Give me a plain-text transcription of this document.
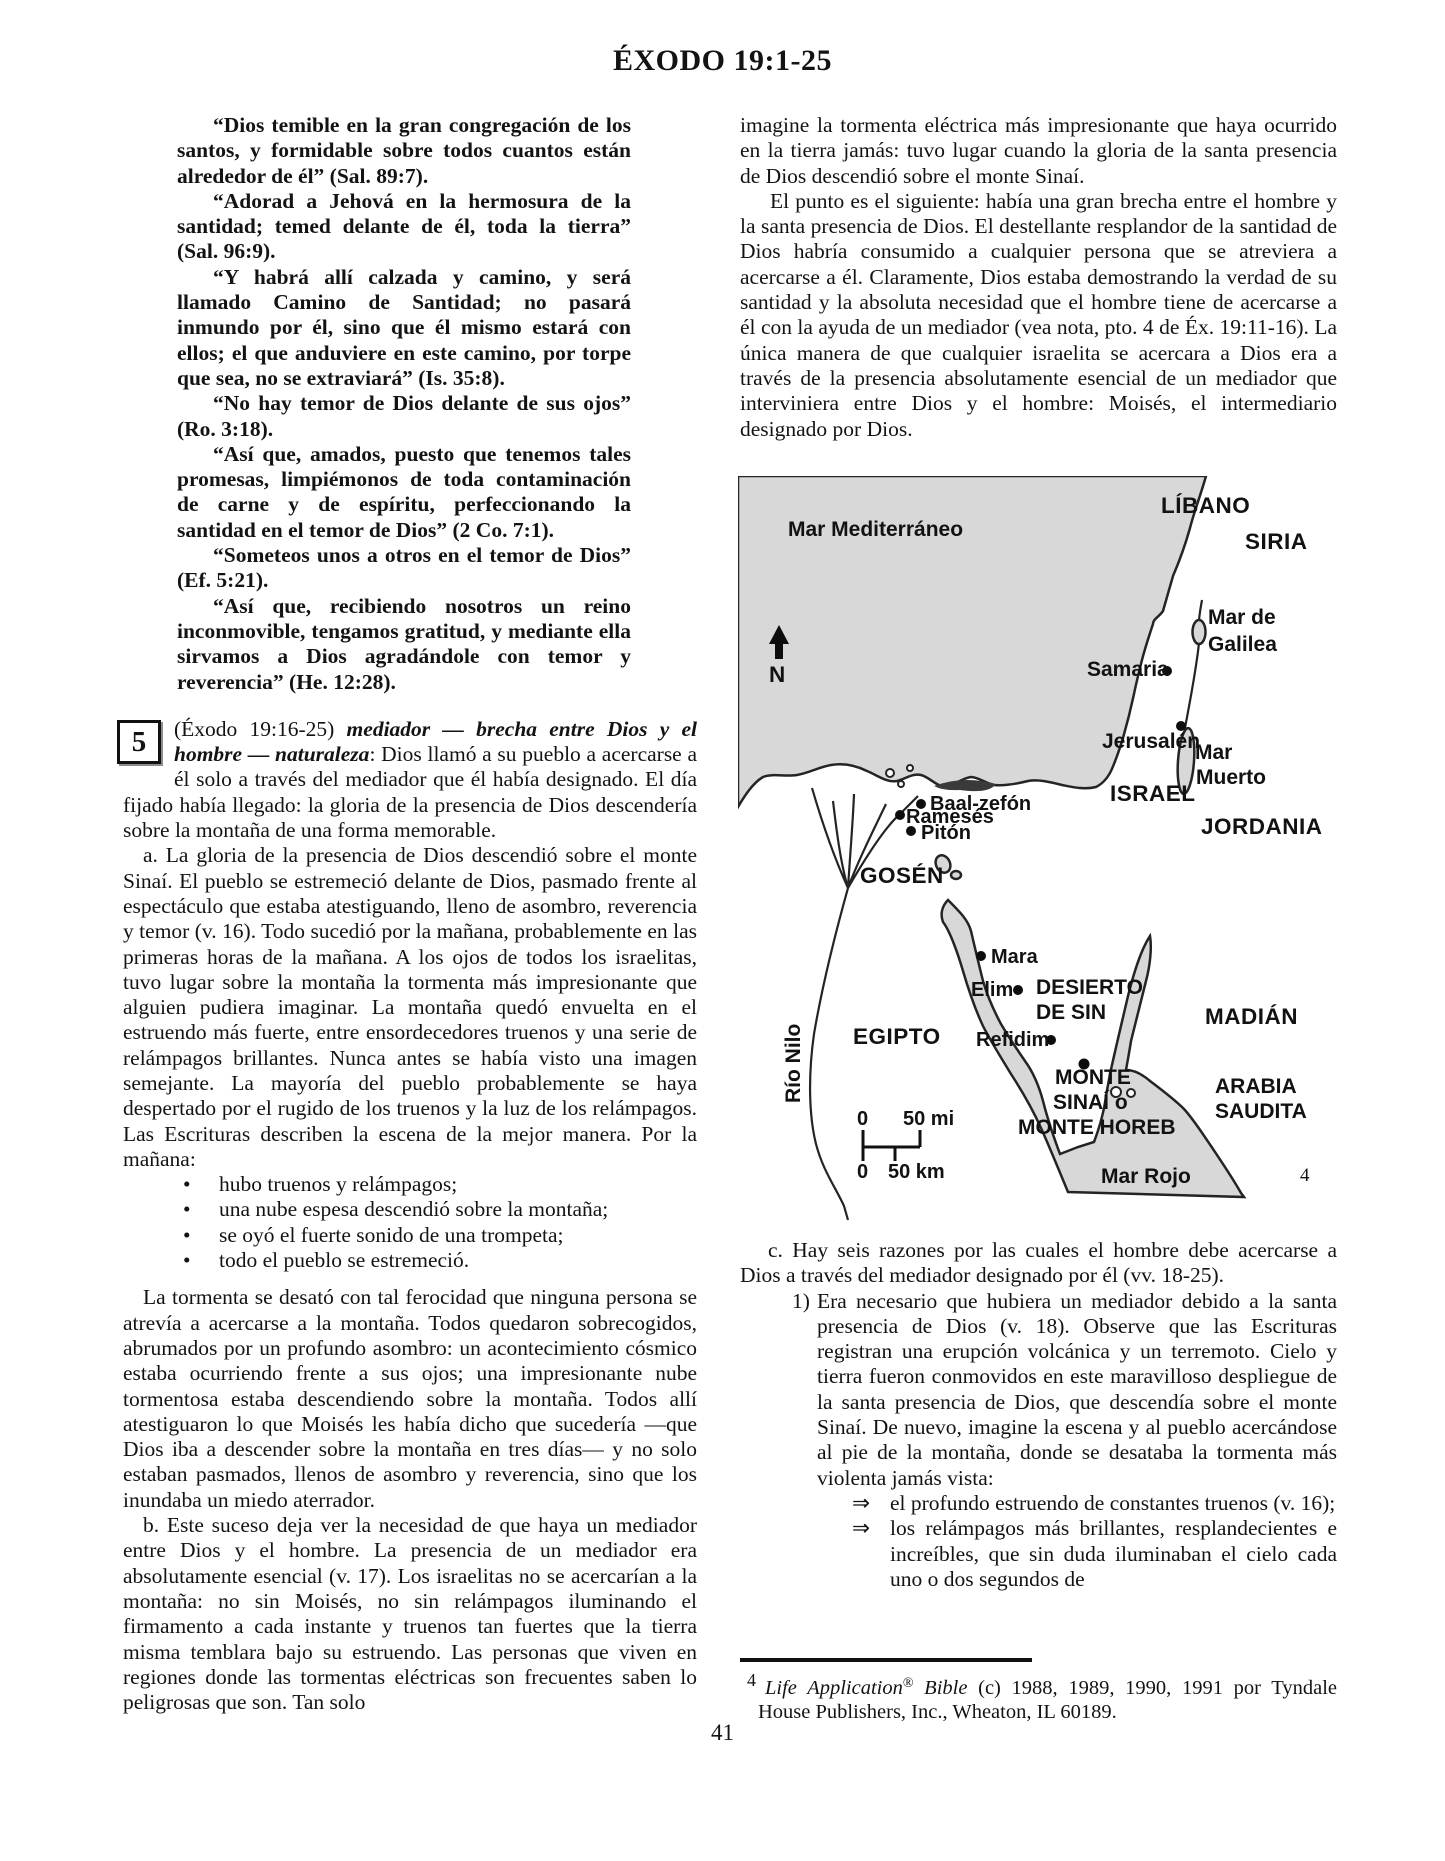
ÉXODO 19:1-25

“Dios temible en la gran congregación de los santos, y formidable sobre todos cuantos están alrededor de él” (Sal. 89:7).

“Adorad a Jehová en la hermosura de la santidad; temed delante de él, toda la tierra” (Sal. 96:9).

“Y habrá allí calzada y camino, y será llamado Camino de Santidad; no pasará inmundo por él, sino que él mismo estará con ellos; el que anduviere en este camino, por torpe que sea, no se extraviará” (Is. 35:8).

“No hay temor de Dios delante de sus ojos” (Ro. 3:18).

“Así que, amados, puesto que tenemos tales promesas, limpiémonos de toda contaminación de carne y de espíritu, perfeccionando la santidad en el temor de Dios” (2 Co. 7:1).

“Someteos unos a otros en el temor de Dios” (Ef. 5:21).

“Así que, recibiendo nosotros un reino inconmovible, tengamos gratitud, y mediante ella sirvamos a Dios agradándole con temor y reverencia” (He. 12:28).

5	(Éxodo 19:16-25) mediador — brecha entre Dios y el hombre — naturaleza: Dios llamó a su pueblo a acercarse a él solo a través del mediador que él había designado. El día fijado había llegado: la gloria de la presencia de Dios descendería sobre la montaña de una forma memorable.

a. La gloria de la presencia de Dios descendió sobre el monte Sinaí. El pueblo se estremeció delante de Dios, pasmado frente al espectáculo que estaba atestiguando, lleno de asombro, reverencia y temor (v. 16). Todo sucedió por la mañana, probablemente en las primeras horas de la mañana. A los ojos de todos los israelitas, tuvo lugar sobre la montaña la tormenta más impresionante que alguien pudiera imaginar. La montaña quedó envuelta en el estruendo más fuerte, entre ensordecedores truenos y una serie de relámpagos brillantes. Nunca antes se había visto una imagen semejante. La mayoría del pueblo probablemente se haya despertado por el rugido de los truenos y la luz de los relámpagos. Las Escrituras describen la escena de la mejor manera. Por la mañana:

• hubo truenos y relámpagos;
• una nube espesa descendió sobre la montaña;
• se oyó el fuerte sonido de una trompeta;
• todo el pueblo se estremeció.

La tormenta se desató con tal ferocidad que ninguna persona se atrevía a acercarse a la montaña. Todos quedaron sobrecogidos, abrumados por un profundo asombro: un acontecimiento cósmico estaba ocurriendo frente a sus ojos; una impresionante nube tormentosa estaba descendiendo sobre la montaña. Todos allí atestiguaron lo que Moisés les había dicho que sucedería —que Dios iba a descender sobre la montaña en tres días— y no solo estaban pasmados, llenos de asombro y reverencia, sino que los inundaba un miedo aterrador.

b. Este suceso deja ver la necesidad de que haya un mediador entre Dios y el hombre. La presencia de un mediador era absolutamente esencial (v. 17). Los israelitas no se acercarían a la montaña: no sin Moisés, no sin relámpagos iluminando el firmamento a cada instante y truenos tan fuertes que la tierra misma temblara bajo su estruendo. Las personas que viven en regiones donde las tormentas eléctricas son frecuentes saben lo peligrosas que son. Tan solo

imagine la tormenta eléctrica más impresionante que haya ocurrido en la tierra jamás: tuvo lugar cuando la gloria de la santa presencia de Dios descendió sobre el monte Sinaí.

El punto es el siguiente: había una gran brecha entre el hombre y la santa presencia de Dios. El destellante resplandor de la santidad de Dios habría consumido a cualquier persona que se atreviera a acercarse a él. Claramente, Dios estaba demostrando la verdad de su santidad y la absoluta necesidad que el hombre tiene de acercarse a él con la ayuda de un mediador (vea nota, pto. 4 de Éx. 19:11-16). La única manera de que cualquier israelita se acercara a Dios era a través de la presencia absolutamente esencial de un mediador que interviniera entre Dios y el hombre: Moisés, el intermediario designado por Dios.

N
0 50 mi
0 50 km
Mar Mediterráneo
LÍBANO
SIRIA
Mar de
Galilea
Samaria
Jerusalén
Mar
Muerto
ISRAEL
JORDANIA
Baal-zefón
Ramesés
Pitón
GOSÉN
Mara
Elim DESIERTO
DE SIN	MADIÁN
EGIPTO Refidim
Río Nilo	MONTE
SINAÍ o
MONTE HOREB
ARABIA
SAUDITA
Mar Rojo	4

c. Hay seis razones por las cuales el hombre debe acercarse a Dios a través del mediador designado por él (vv. 18-25).

1) Era necesario que hubiera un mediador debido a la santa presencia de Dios (v. 18). Observe que las Escrituras registran una erupción volcánica y un terremoto. Cielo y tierra fueron conmovidos en este maravilloso despliegue de la santa presencia de Dios, que descendía sobre el monte Sinaí. De nuevo, imagine la escena y al pueblo acercándose al pie de la montaña, donde se desataba la tormenta más violenta jamás vista:
⇒ el profundo estruendo de constantes truenos (v. 16);
⇒ los relámpagos más brillantes, resplandecientes e increíbles, que sin duda iluminaban el cielo cada uno o dos segundos de
4 Life Application® Bible (c) 1988, 1989, 1990, 1991 por Tyndale House Publishers, Inc., Wheaton, IL 60189.
41
